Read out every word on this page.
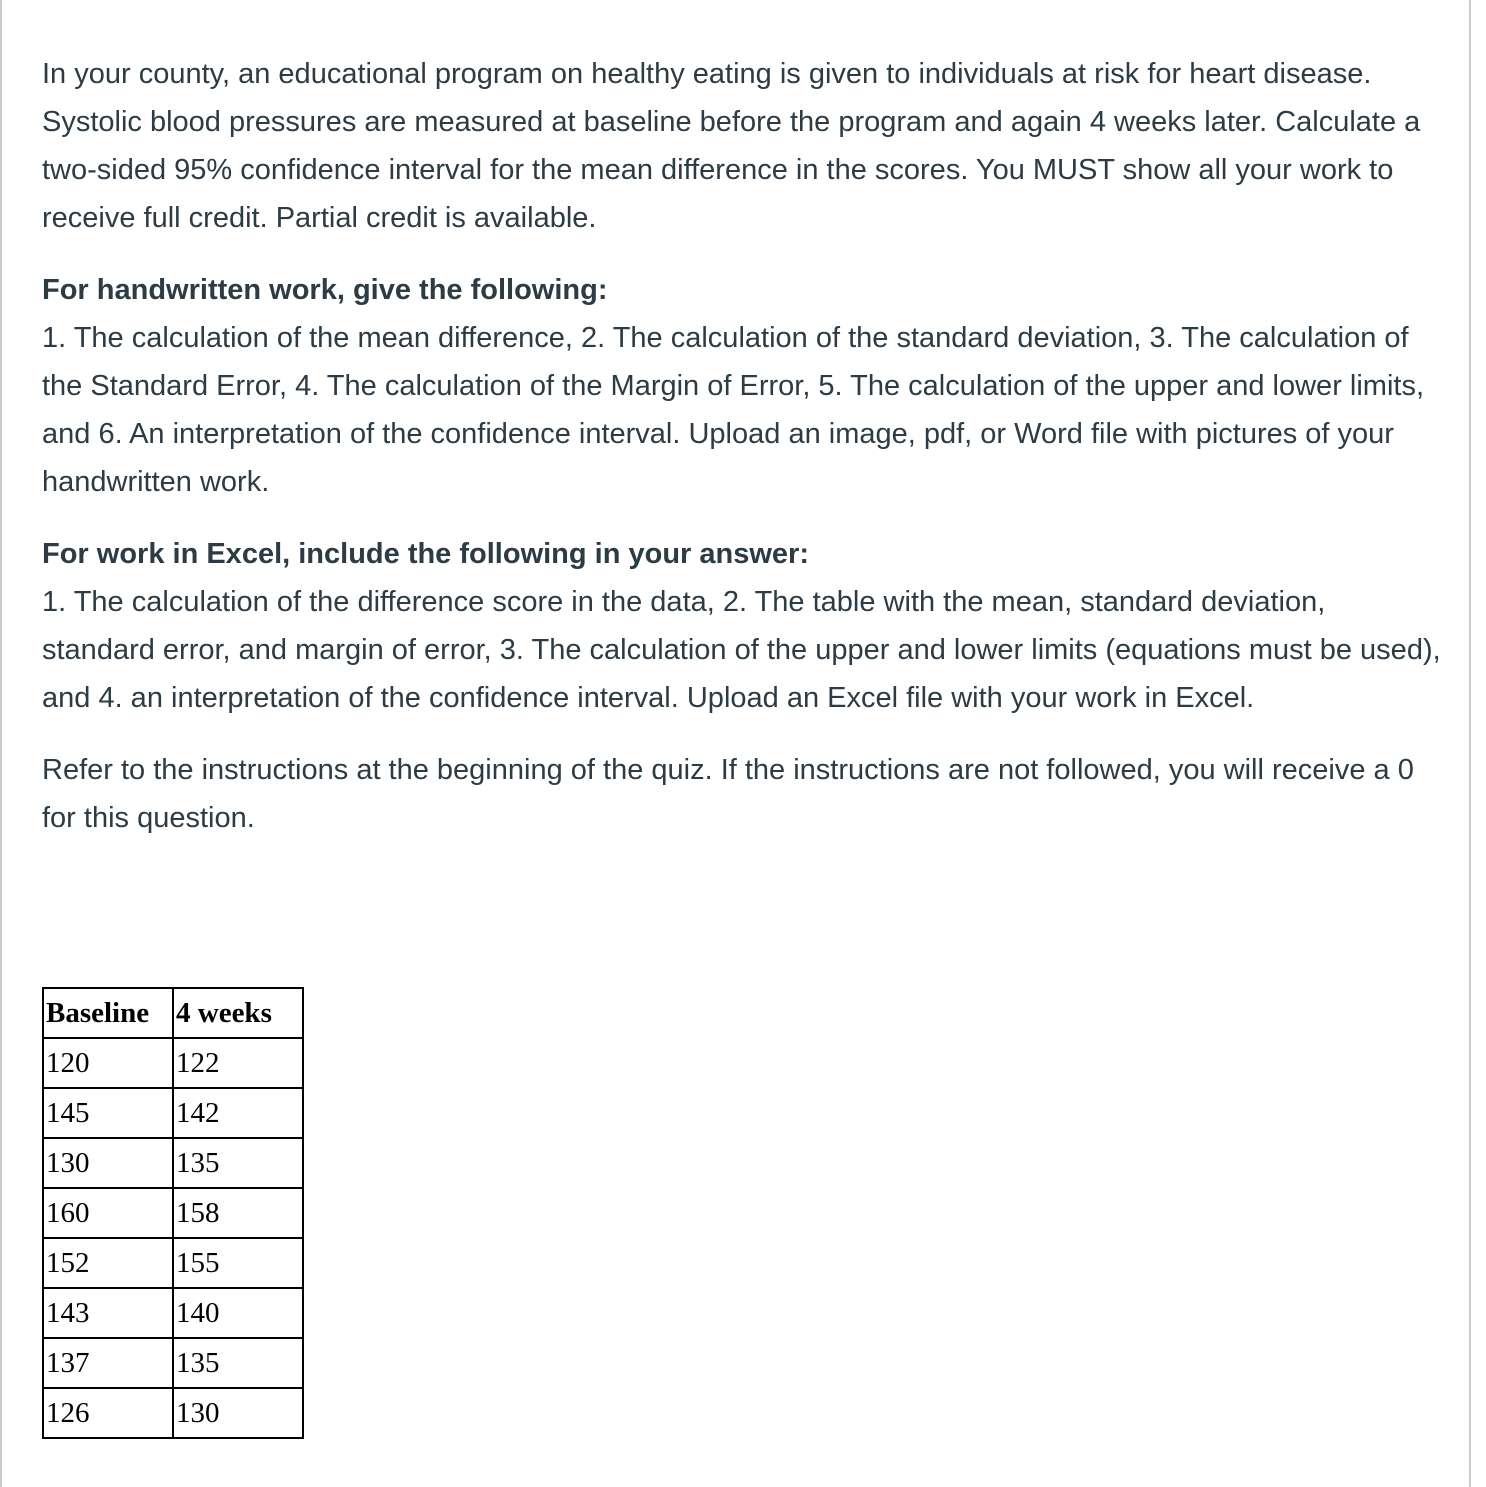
In your county, an educational program on healthy eating is given to individuals at risk for heart disease. Systolic blood pressures are measured at baseline before the program and again 4 weeks later. Calculate a two-sided 95% confidence interval for the mean difference in the scores. You MUST show all your work to receive full credit. Partial credit is available.

For handwritten work, give the following:
1. The calculation of the mean difference, 2. The calculation of the standard deviation, 3. The calculation of the Standard Error, 4. The calculation of the Margin of Error, 5. The calculation of the upper and lower limits, and 6. An interpretation of the confidence interval. Upload an image, pdf, or Word file with pictures of your handwritten work.

For work in Excel, include the following in your answer:
1. The calculation of the difference score in the data, 2. The table with the mean, standard deviation, standard error, and margin of error, 3. The calculation of the upper and lower limits (equations must be used), and 4. an interpretation of the confidence interval. Upload an Excel file with your work in Excel.

Refer to the instructions at the beginning of the quiz. If the instructions are not followed, you will receive a 0 for this question.

Baseline	4 weeks
120	122
145	142
130	135
160	158
152	155
143	140
137	135
126	130
